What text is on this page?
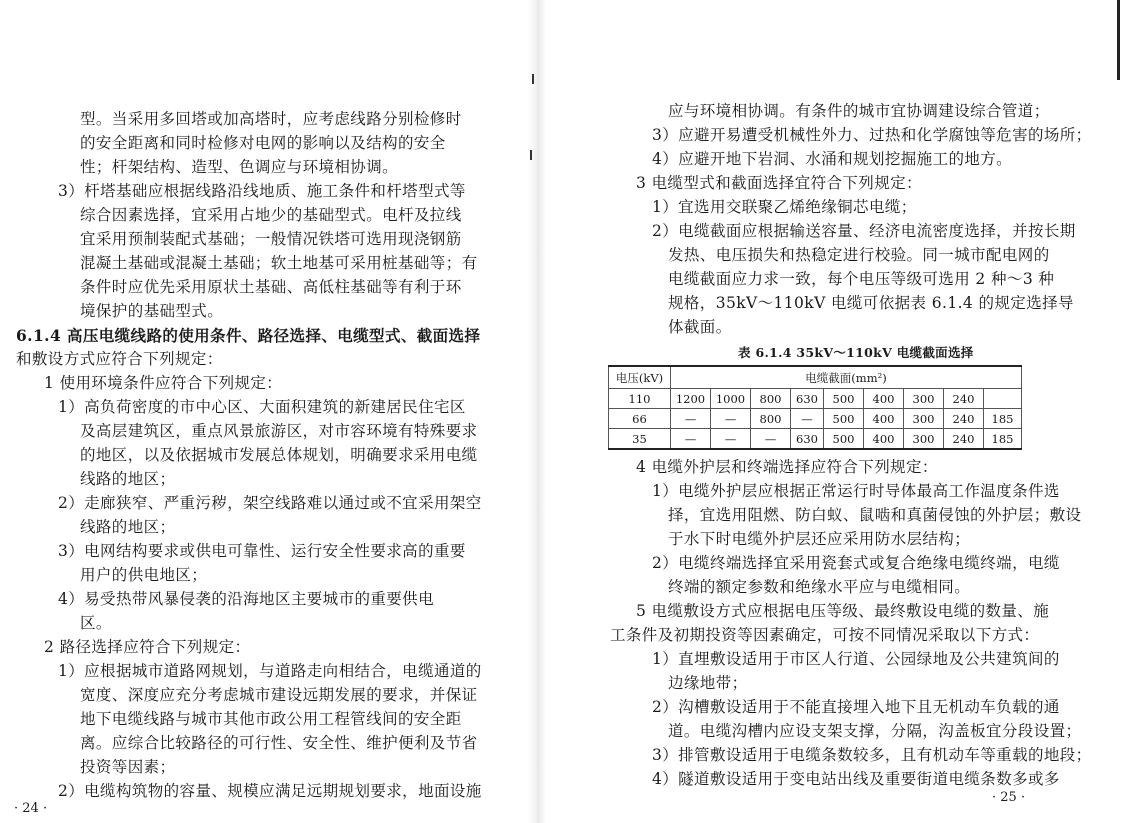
型。当采用多回塔或加高塔时，应考虑线路分别检修时
的安全距离和同时检修对电网的影响以及结构的安全
性；杆架结构、造型、色调应与环境相协调。
3）杆塔基础应根据线路沿线地质、施工条件和杆塔型式等
综合因素选择，宜采用占地少的基础型式。电杆及拉线
宜采用预制装配式基础；一般情况铁塔可选用现浇钢筋
混凝土基础或混凝土基础；软土地基可采用桩基础等；有
条件时应优先采用原状土基础、高低柱基础等有利于环
境保护的基础型式。
6.1.4 高压电缆线路的使用条件、路径选择、电缆型式、截面选择
和敷设方式应符合下列规定：
1 使用环境条件应符合下列规定：
1）高负荷密度的市中心区、大面积建筑的新建居民住宅区
及高层建筑区，重点风景旅游区，对市容环境有特殊要求
的地区，以及依据城市发展总体规划，明确要求采用电缆
线路的地区；
2）走廊狭窄、严重污秽，架空线路难以通过或不宜采用架空
线路的地区；
3）电网结构要求或供电可靠性、运行安全性要求高的重要
用户的供电地区；
4）易受热带风暴侵袭的沿海地区主要城市的重要供电
区。
2 路径选择应符合下列规定：
1）应根据城市道路网规划，与道路走向相结合，电缆通道的
宽度、深度应充分考虑城市建设远期发展的要求，并保证
地下电缆线路与城市其他市政公用工程管线间的安全距
离。应综合比较路径的可行性、安全性、维护便利及节省
投资等因素；
2）电缆构筑物的容量、规模应满足远期规划要求，地面设施
· 24 ·
应与环境相协调。有条件的城市宜协调建设综合管道；
3）应避开易遭受机械性外力、过热和化学腐蚀等危害的场所；
4）应避开地下岩洞、水涌和规划挖掘施工的地方。
3 电缆型式和截面选择宜符合下列规定：
1）宜选用交联聚乙烯绝缘铜芯电缆；
2）电缆截面应根据输送容量、经济电流密度选择，并按长期
发热、电压损失和热稳定进行校验。同一城市配电网的
电缆截面应力求一致，每个电压等级可选用 2 种～3 种
规格，35kV～110kV 电缆可依据表 6.1.4 的规定选择导
体截面。
表 6.1.4 35kV～110kV 电缆截面选择
4 电缆外护层和终端选择应符合下列规定：
1）电缆外护层应根据正常运行时导体最高工作温度条件选
择，宜选用阻燃、防白蚁、鼠啮和真菌侵蚀的外护层；敷设
于水下时电缆外护层还应采用防水层结构；
2）电缆终端选择宜采用瓷套式或复合绝缘电缆终端，电缆
终端的额定参数和绝缘水平应与电缆相同。
5 电缆敷设方式应根据电压等级、最终敷设电缆的数量、施
工条件及初期投资等因素确定，可按不同情况采取以下方式：
1）直埋敷设适用于市区人行道、公园绿地及公共建筑间的
边缘地带；
2）沟槽敷设适用于不能直接埋入地下且无机动车负载的通
道。电缆沟槽内应设支架支撑，分隔，沟盖板宜分段设置；
3）排管敷设适用于电缆条数较多，且有机动车等重载的地段；
4）隧道敷设适用于变电站出线及重要街道电缆条数多或多
· 25 ·
电压(kV)	电缆截面(mm²)								
110	1200	1000	800	630	500	400	300	240	
66	—	—	800	—	500	400	300	240	185
35	—	—	—	630	500	400	300	240	185
